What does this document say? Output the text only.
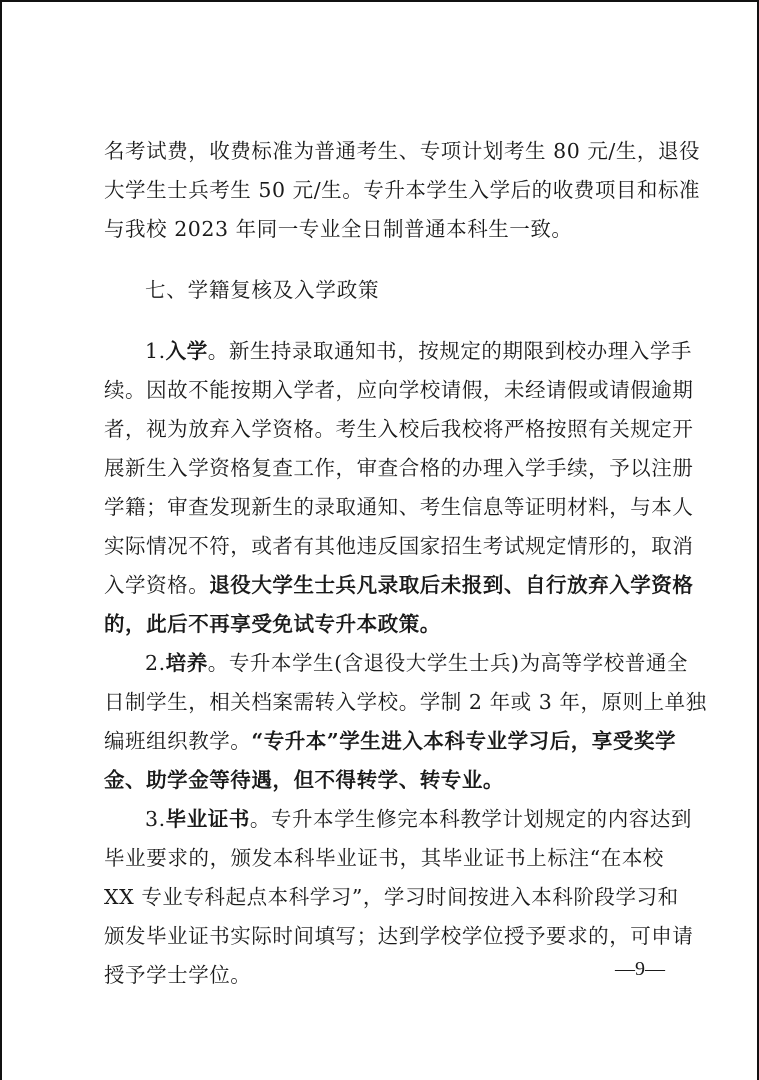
名考试费，收费标准为普通考生、专项计划考生 80 元/生，退役
大学生士兵考生 50 元/生。专升本学生入学后的收费项目和标准
与我校 2023 年同一专业全日制普通本科生一致。
七、学籍复核及入学政策
1.入学。新生持录取通知书，按规定的期限到校办理入学手
续。因故不能按期入学者，应向学校请假，未经请假或请假逾期
者，视为放弃入学资格。考生入校后我校将严格按照有关规定开
展新生入学资格复查工作，审查合格的办理入学手续，予以注册
学籍；审查发现新生的录取通知、考生信息等证明材料，与本人
实际情况不符，或者有其他违反国家招生考试规定情形的，取消
入学资格。退役大学生士兵凡录取后未报到、自行放弃入学资格
的，此后不再享受免试专升本政策。
2.培养。专升本学生(含退役大学生士兵)为高等学校普通全
日制学生，相关档案需转入学校。学制 2 年或 3 年，原则上单独
编班组织教学。“专升本”学生进入本科专业学习后，享受奖学
金、助学金等待遇，但不得转学、转专业。
3.毕业证书。专升本学生修完本科教学计划规定的内容达到
毕业要求的，颁发本科毕业证书，其毕业证书上标注“在本校
XX 专业专科起点本科学习”，学习时间按进入本科阶段学习和
颁发毕业证书实际时间填写；达到学校学位授予要求的，可申请
授予学士学位。	—9—
